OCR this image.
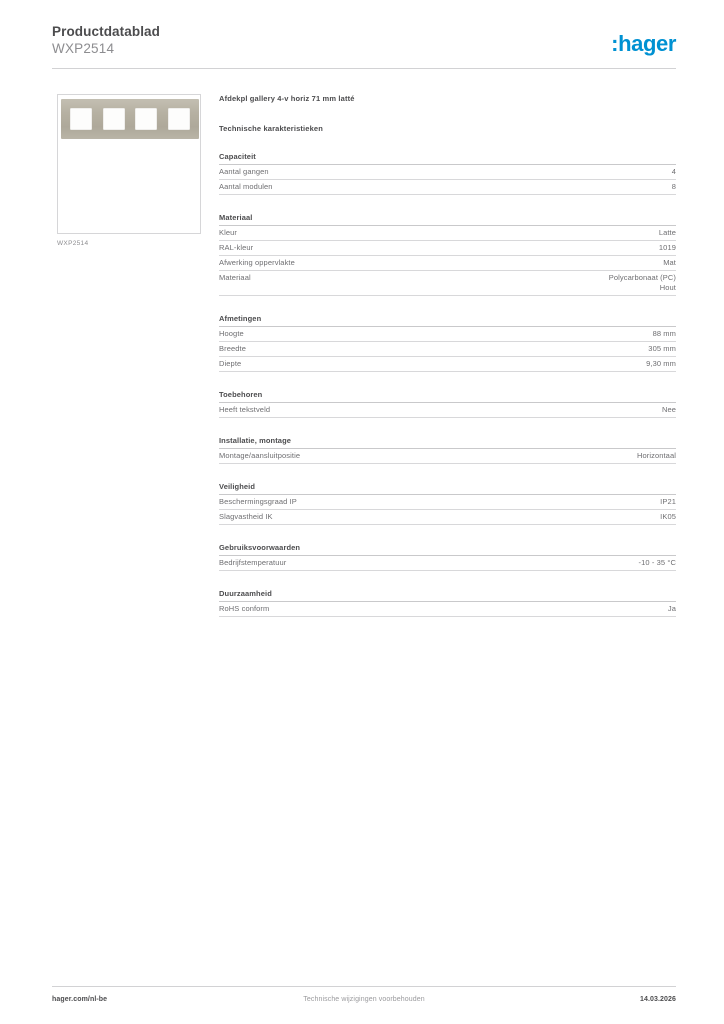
Productdatablad
WXP2514	:hager
WXP2514
Afdekpl gallery 4-v horiz 71 mm latté
Technische karakteristieken
Capaciteit
Aantal gangen	4
Aantal modulen	8
Materiaal
Kleur	Latte
RAL-kleur	1019
Afwerking oppervlakte	Mat
Materiaal	Polycarbonaat (PC)
Hout
Afmetingen
Hoogte	88 mm
Breedte	305 mm
Diepte	9,30 mm
Toebehoren
Heeft tekstveld	Nee
Installatie, montage
Montage/aansluitpositie	Horizontaal
Veiligheid
Beschermingsgraad IP	IP21
Slagvastheid IK	IK05
Gebruiksvoorwaarden
Bedrijfstemperatuur	-10 - 35 °C
Duurzaamheid
RoHS conform	Ja
hager.com/nl-be	Technische wijzigingen voorbehouden	14.03.2026
